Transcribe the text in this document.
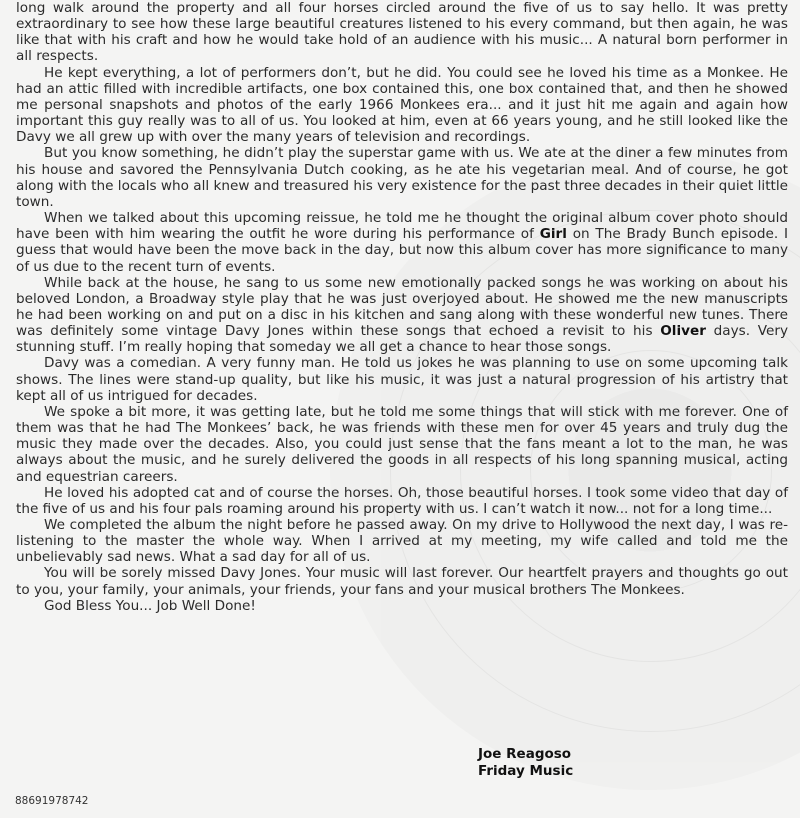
long walk around the property and all four horses circled around the five of us to say hello. It was pretty extraordinary to see how these large beautiful creatures listened to his every command, but then again, he was like that with his craft and how he would take hold of an audience with his music... A natural born performer in all respects.

He kept everything, a lot of performers don’t, but he did. You could see he loved his time as a Monkee. He had an attic filled with incredible artifacts, one box contained this, one box contained that, and then he showed me personal snapshots and photos of the early 1966 Monkees era... and it just hit me again and again how important this guy really was to all of us. You looked at him, even at 66 years young, and he still looked like the Davy we all grew up with over the many years of television and recordings.

But you know something, he didn’t play the superstar game with us. We ate at the diner a few minutes from his house and savored the Pennsylvania Dutch cooking, as he ate his vegetarian meal. And of course, he got along with the locals who all knew and treasured his very existence for the past three decades in their quiet little town.

When we talked about this upcoming reissue, he told me he thought the original album cover photo should have been with him wearing the outfit he wore during his performance of Girl on The Brady Bunch episode. I guess that would have been the move back in the day, but now this album cover has more significance to many of us due to the recent turn of events.

While back at the house, he sang to us some new emotionally packed songs he was working on about his beloved London, a Broadway style play that he was just overjoyed about. He showed me the new manuscripts he had been working on and put on a disc in his kitchen and sang along with these wonderful new tunes. There was definitely some vintage Davy Jones within these songs that echoed a revisit to his Oliver days. Very stunning stuff. I’m really hoping that someday we all get a chance to hear those songs.

Davy was a comedian. A very funny man. He told us jokes he was planning to use on some upcoming talk shows. The lines were stand-up quality, but like his music, it was just a natural progression of his artistry that kept all of us intrigued for decades.

We spoke a bit more, it was getting late, but he told me some things that will stick with me forever. One of them was that he had The Monkees’ back, he was friends with these men for over 45 years and truly dug the music they made over the decades. Also, you could just sense that the fans meant a lot to the man, he was always about the music, and he surely delivered the goods in all respects of his long spanning musical, acting and equestrian careers.

He loved his adopted cat and of course the horses. Oh, those beautiful horses. I took some video that day of the five of us and his four pals roaming around his property with us. I can’t watch it now... not for a long time...

We completed the album the night before he passed away. On my drive to Hollywood the next day, I was re-listening to the master the whole way. When I arrived at my meeting, my wife called and told me the unbelievably sad news. What a sad day for all of us.

You will be sorely missed Davy Jones. Your music will last forever. Our heartfelt prayers and thoughts go out to you, your family, your animals, your friends, your fans and your musical brothers The Monkees.

God Bless You... Job Well Done!

Joe Reagoso
Friday Music
88691978742
